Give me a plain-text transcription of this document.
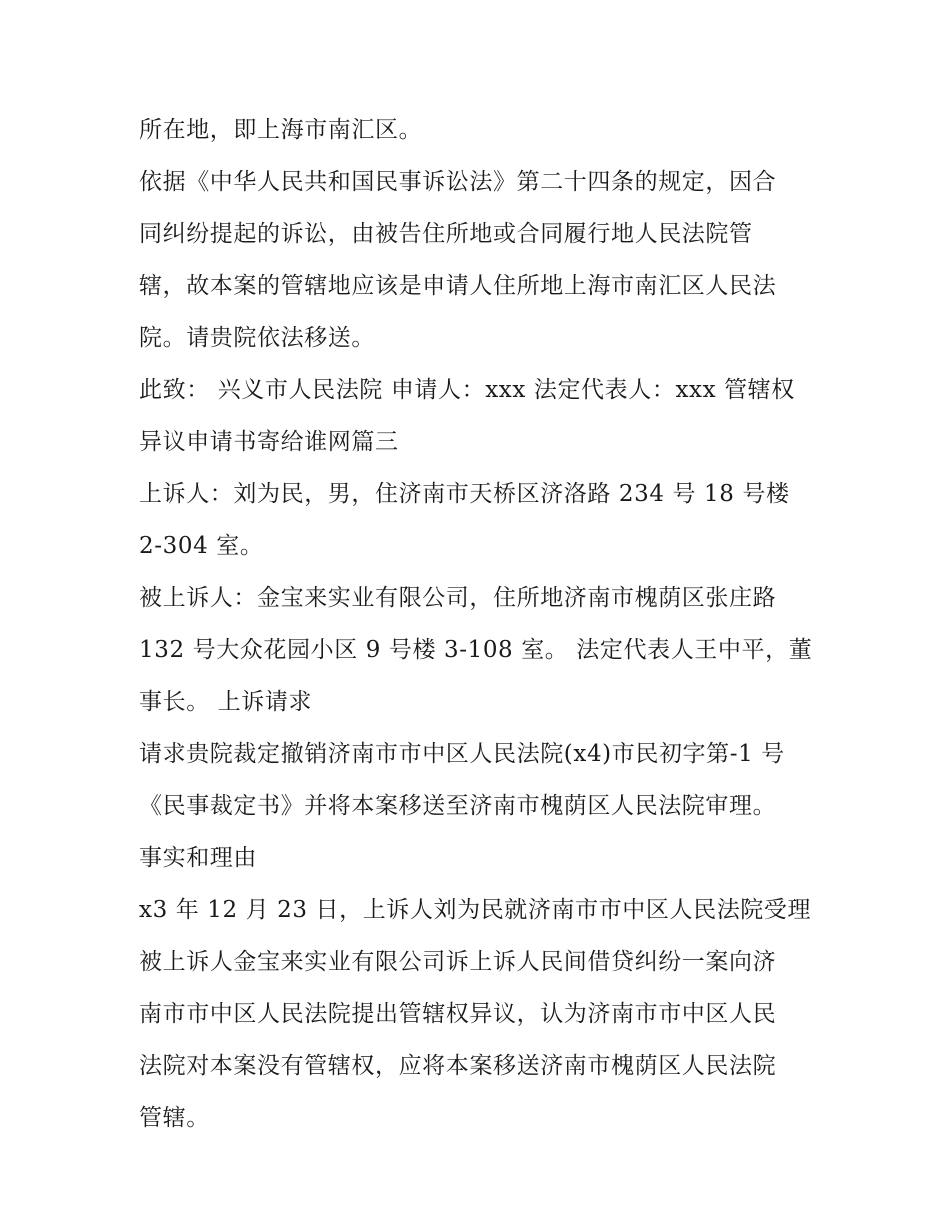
所在地，即上海市南汇区。
依据《中华人民共和国民事诉讼法》第二十四条的规定，因合
同纠纷提起的诉讼，由被告住所地或合同履行地人民法院管
辖，故本案的管辖地应该是申请人住所地上海市南汇区人民法
院。请贵院依法移送。
此致： 兴义市人民法院 申请人：xxx 法定代表人：xxx 管辖权
异议申请书寄给谁网篇三
上诉人：刘为民，男，住济南市天桥区济洛路 234 号 18 号楼
2-304 室。
被上诉人：金宝来实业有限公司，住所地济南市槐荫区张庄路
132 号大众花园小区 9 号楼 3-108 室。 法定代表人王中平，董
事长。 上诉请求
请求贵院裁定撤销济南市市中区人民法院(x4)市民初字第-1 号
《民事裁定书》并将本案移送至济南市槐荫区人民法院审理。
事实和理由
x3 年 12 月 23 日，上诉人刘为民就济南市市中区人民法院受理
被上诉人金宝来实业有限公司诉上诉人民间借贷纠纷一案向济
南市市中区人民法院提出管辖权异议，认为济南市市中区人民
法院对本案没有管辖权，应将本案移送济南市槐荫区人民法院
管辖。
